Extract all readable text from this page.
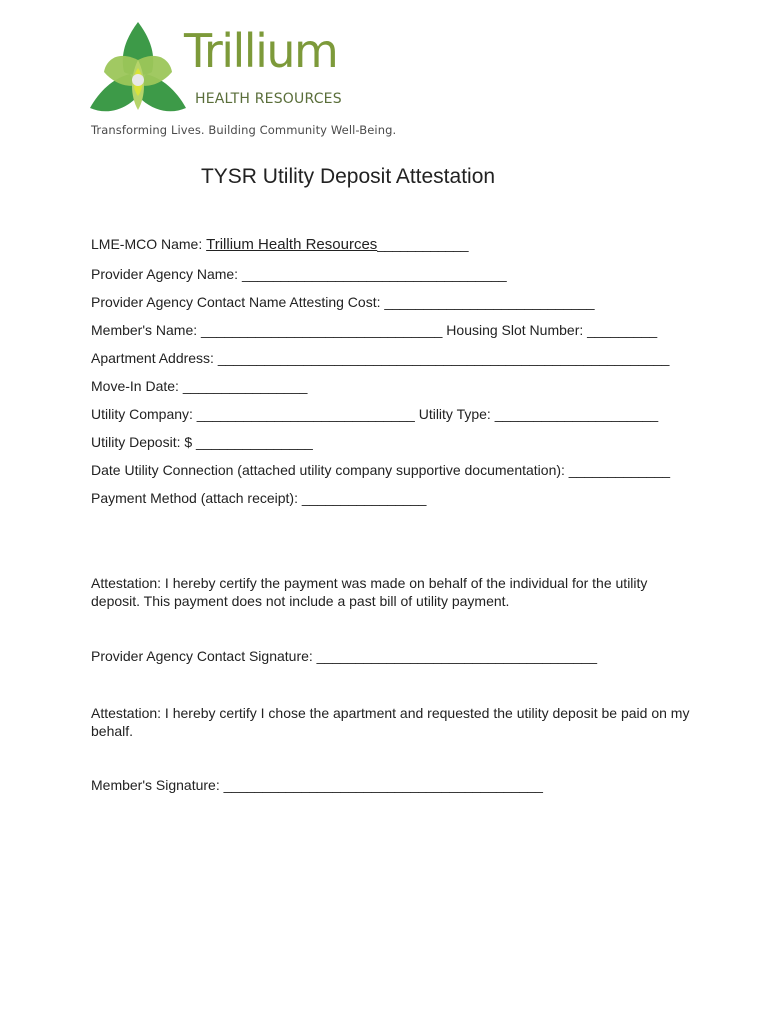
Trillium
HEALTH RESOURCES
Transforming Lives. Building Community Well-Being.
TYSR Utility Deposit Attestation
LME-MCO Name: Trillium Health Resources____________
Provider Agency Name: __________________________________
Provider Agency Contact Name Attesting Cost: ___________________________
Member's Name: _______________________________ Housing Slot Number: _________
Apartment Address: __________________________________________________________
Move-In Date: ________________
Utility Company: ____________________________ Utility Type: _____________________
Utility Deposit: $ _______________
Date Utility Connection (attached utility company supportive documentation): _____________
Payment Method (attach receipt): ________________
Attestation: I hereby certify the payment was made on behalf of the individual for the utility deposit. This payment does not include a past bill of utility payment.
Provider Agency Contact Signature: ____________________________________
Attestation: I hereby certify I chose the apartment and requested the utility deposit be paid on my behalf.
Member's Signature: _________________________________________
